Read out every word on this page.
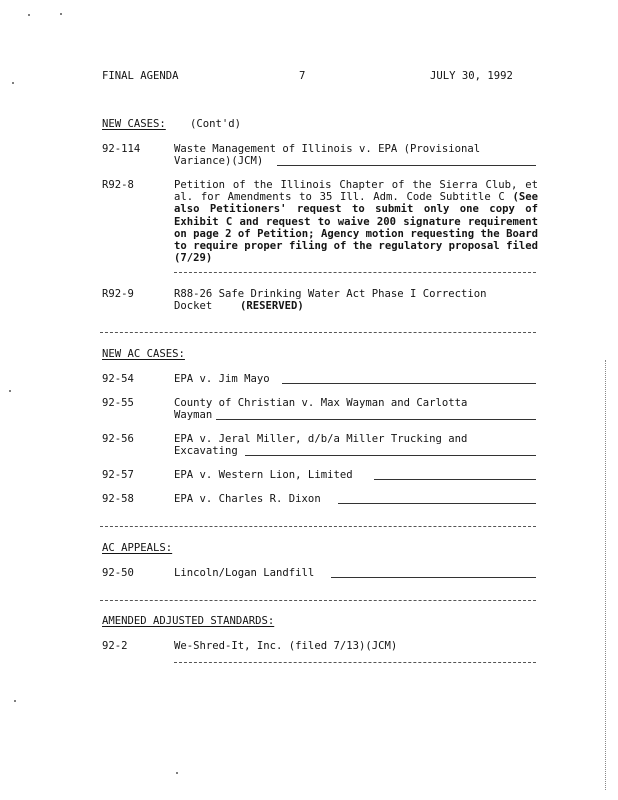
FINAL AGENDA	7	JULY 30, 1992
NEW CASES: (Cont'd)
92-114	Waste Management of Illinois v. EPA (Provisional
Variance)(JCM)
R92-8	Petition of the Illinois Chapter of the Sierra Club, et al. for Amendments to 35 Ill. Adm. Code Subtitle C (See also Petitioners' request to submit only one copy of Exhibit C and request to waive 200 signature requirement on page 2 of Petition; Agency motion requesting the Board to require proper filing of the regulatory proposal filed (7/29)
R92-9	R88-26 Safe Drinking Water Act Phase I Correction
Docket	(RESERVED)
NEW AC CASES:
92-54	EPA v. Jim Mayo
92-55	County of Christian v. Max Wayman and Carlotta
Wayman
92-56	EPA v. Jeral Miller, d/b/a Miller Trucking and
Excavating
92-57	EPA v. Western Lion, Limited
92-58	EPA v. Charles R. Dixon
AC APPEALS:
92-50	Lincoln/Logan Landfill
AMENDED ADJUSTED STANDARDS:
92-2	We-Shred-It, Inc. (filed 7/13)(JCM)
